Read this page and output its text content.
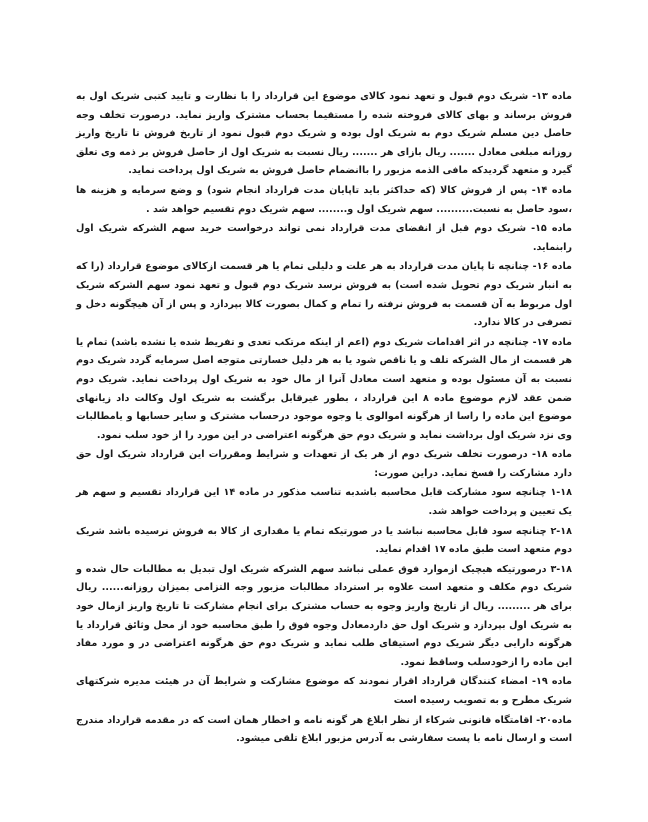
ماده ۱۳- شریک دوم قبول و تعهد نمود کالای موضوع این قرارداد را با نظارت و تایید کتبی شریک اول به فروش برساند و بهای کالای فروخته شده را مستقیما بحساب مشترک واریز نماید. درصورت تخلف وجه حاصل دین مسلم شریک دوم به شریک اول بوده و شریک دوم قبول نمود از تاریخ فروش تا تاریخ واریز روزانه مبلغی معادل ....... ریال بازای هر ....... ریال نسبت به شریک اول از حاصل فروش بر ذمه وی تعلق گیرد و متعهد گردیدکه مافی الذمه مزبور را باانضمام حاصل فروش به شریک اول پرداخت نماید.

ماده ۱۴- پس از فروش کالا (که حداکثر باید تاپایان مدت قرارداد انجام شود) و وضع سرمایه و هزینه ها ،سود حاصل به نسبت.......... سهم شریک اول و........ سهم شریک دوم تقسیم خواهد شد .

ماده ۱۵- شریک دوم قبل از انقضای مدت قرارداد نمی تواند درخواست خرید سهم الشرکه شریک اول رابنماید.

ماده ۱۶- چنانچه تا پایان مدت قرارداد به هر علت و دلیلی تمام یا هر قسمت ازکالای موضوع قرارداد (را که به انبار شریک دوم تحویل شده است) به فروش نرسد شریک دوم قبول و تعهد نمود سهم الشرکه شریک اول مربوط به آن قسمت به فروش نرفته را تمام و کمال بصورت کالا بپردازد و پس از آن هیچگونه دخل و تصرفی در کالا ندارد.

ماده ۱۷- چنانچه در اثر اقدامات شریک دوم (اعم از اینکه مرتکب تعدی و تفریط شده یا نشده باشد) تمام یا هر قسمت از مال الشرکه تلف و یا ناقص شود یا به هر دلیل خسارتی متوجه اصل سرمایه گردد شریک دوم نسبت به آن مسئول بوده و متعهد است معادل آنرا از مال خود به شریک اول پرداخت نماید. شریک دوم ضمن عقد لازم موضوع ماده ۸ این قرارداد ، بطور غیرقابل برگشت به شریک اول وکالت داد زیانهای موضوع این ماده را راسا از هرگونه اموالوی یا وجوه موجود درحساب مشترک و سایر حسابها و یامطالبات وی نزد شریک اول برداشت نماید و شریک دوم حق هرگونه اعتراضی در این مورد را از خود سلب نمود.

ماده ۱۸- درصورت تخلف شریک دوم از هر یک از تعهدات و شرایط ومقررات این قرارداد شریک اول حق دارد مشارکت را فسخ نماید. دراین صورت:

۱-۱۸ چنانچه سود مشارکت قابل محاسبه باشدبه تناسب مذکور در ماده ۱۴ این قرارداد تقسیم و سهم هر یک تعیین و پرداخت خواهد شد.

۲-۱۸ چنانچه سود قابل محاسبه نباشد یا در صورتیکه تمام یا مقداری از کالا به فروش نرسیده باشد شریک دوم متعهد است طبق ماده ۱۷ اقدام نماید.

۳-۱۸ درصورتیکه هیچیک ازموارد فوق عملی نباشد سهم الشرکه شریک اول تبدیل به مطالبات حال شده و شریک دوم مکلف و متعهد است علاوه بر استرداد مطالبات مزبور وجه التزامی بمیزان روزانه...... ریال برای هر ......... ریال از تاریخ واریز وجوه به حساب مشترک برای انجام مشارکت تا تاریخ واریز ازمال خود به شریک اول بپردازد و شریک اول حق داردمعادل وجوه فوق را طبق محاسبه خود از محل وثائق قرارداد یا هرگونه دارایی دیگر شریک دوم استیفای طلب نماید و شریک دوم حق هرگونه اعتراضی در و مورد مفاد این ماده را ازخودسلب وساقط نمود.

ماده ۱۹- امضاء کنندگان قرارداد اقرار نمودند که موضوع مشارکت و شرایط آن در هیئت مدیره شرکتهای شریک مطرح و به تصویب رسیده است

ماده۲۰- اقامتگاه قانونی شرکاء از نظر ابلاغ هر گونه نامه و اخطار همان است که در مقدمه قرارداد مندرج است و ارسال نامه با پست سفارشی به آدرس مزبور ابلاغ تلقی میشود.
